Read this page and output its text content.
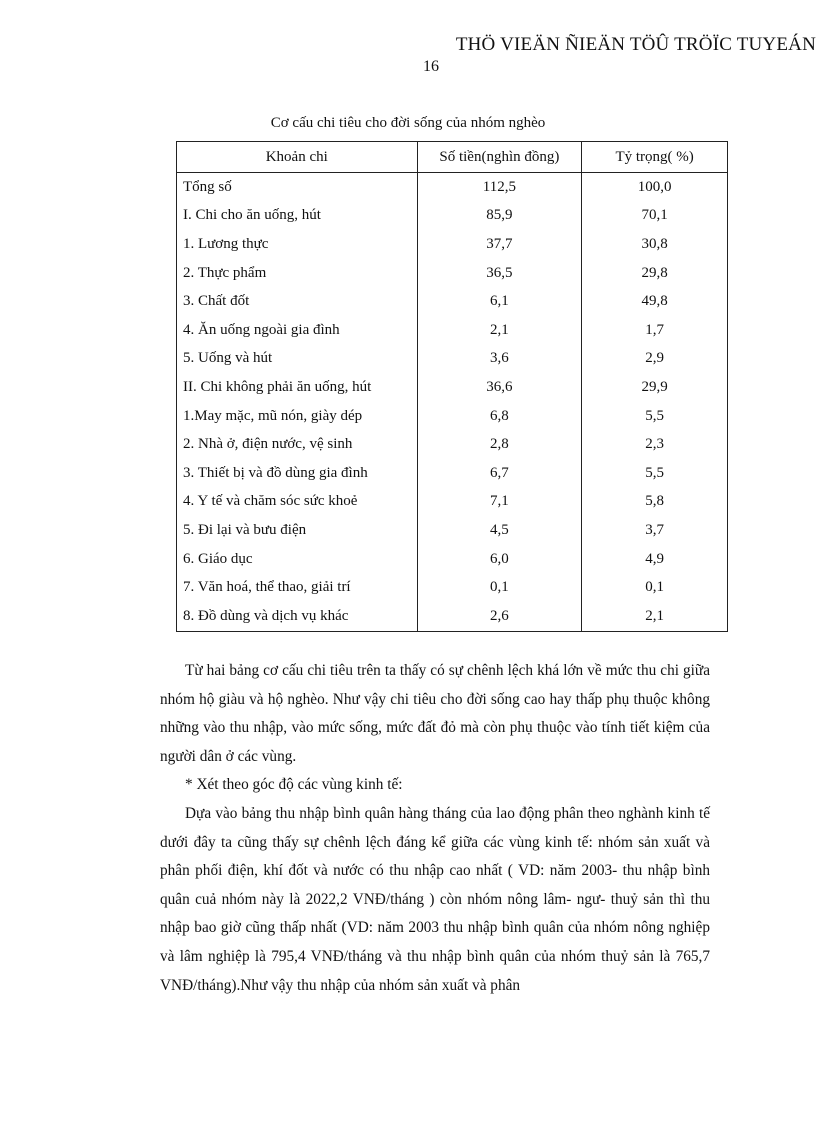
THÖ VIEÄN ÑIEÄN TÖÛ TRÖÏC TUYEÁN
16
Cơ cấu chi tiêu cho đời sống của nhóm nghèo
Khoản chi	Số tiền(nghìn đồng)	Tỷ trọng( %)
Tổng số	112,5	100,0
I. Chi cho ăn uống, hút	85,9	70,1
1. Lương thực	37,7	30,8
2. Thực phẩm	36,5	29,8
3. Chất đốt	6,1	49,8
4. Ăn uống ngoài gia đình	2,1	1,7
5. Uống và hút	3,6	2,9
II. Chi không phải ăn uống, hút	36,6	29,9
1.May mặc, mũ nón, giày dép	6,8	5,5
2. Nhà ở, điện nước, vệ sinh	2,8	2,3
3. Thiết bị và đồ dùng gia đình	6,7	5,5
4. Y tế và chăm sóc sức khoẻ	7,1	5,8
5. Đi lại và bưu điện	4,5	3,7
6. Giáo dục	6,0	4,9
7. Văn hoá, thể thao, giải trí	0,1	0,1
8. Đồ dùng và dịch vụ khác	2,6	2,1

Từ hai bảng cơ cấu chi tiêu trên ta thấy có sự chênh lệch khá lớn về mức thu chi giữa nhóm hộ giàu và hộ nghèo. Như vậy chi tiêu cho đời sống cao hay thấp phụ thuộc không những vào thu nhập, vào mức sống, mức đất đỏ mà còn phụ thuộc vào tính tiết kiệm của người dân ở các vùng.

* Xét theo góc độ các vùng kinh tế:

Dựa vào bảng thu nhập bình quân hàng tháng của lao động phân theo nghành kinh tế dưới đây ta cũng thấy sự chênh lệch đáng kể giữa các vùng kinh tế: nhóm sản xuất và phân phối điện, khí đốt và nước có thu nhập cao nhất ( VD: năm 2003- thu nhập bình quân cuả nhóm này là 2022,2 VNĐ/tháng ) còn nhóm nông lâm- ngư- thuỷ sản thì thu nhập bao giờ cũng thấp nhất (VD: năm 2003 thu nhập bình quân của nhóm nông nghiệp và lâm nghiệp là 795,4 VNĐ/tháng và thu nhập bình quân của nhóm thuỷ sản là 765,7 VNĐ/tháng).Như vậy thu nhập của nhóm sản xuất và phân
